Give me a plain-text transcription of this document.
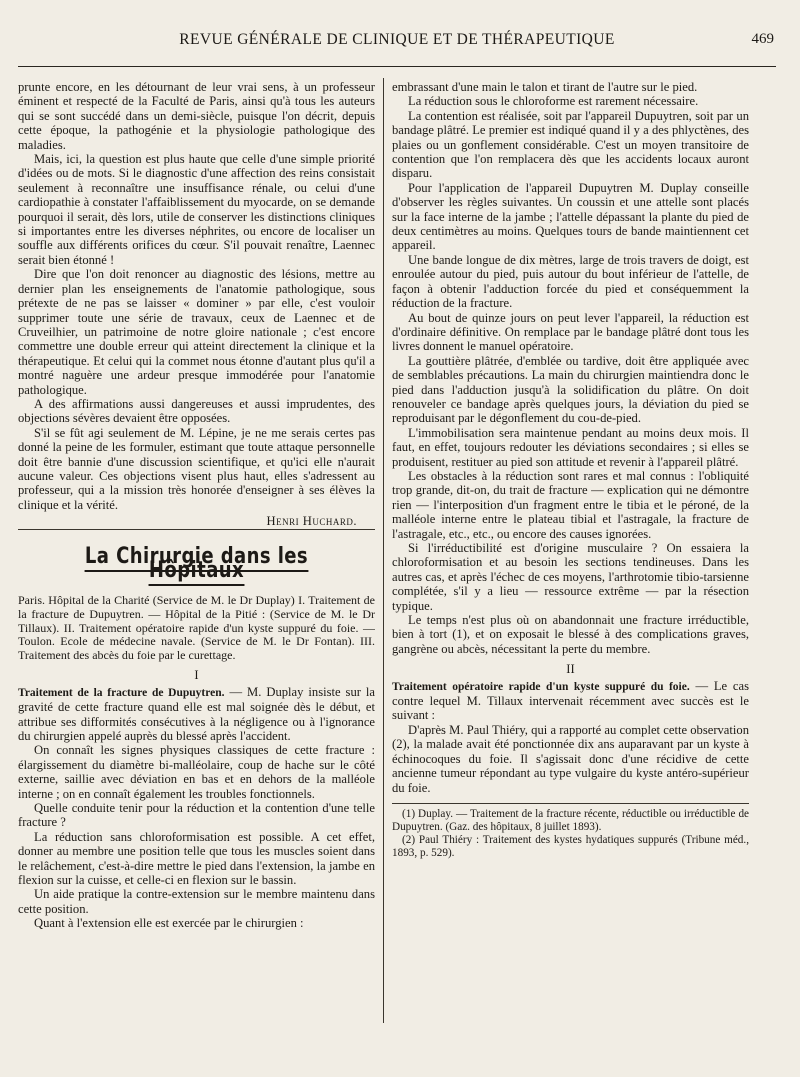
REVUE GÉNÉRALE DE CLINIQUE ET DE THÉRAPEUTIQUE	469

prunte encore, en les détournant de leur vrai sens, à un professeur éminent et respecté de la Faculté de Paris, ainsi qu'à tous les auteurs qui se sont succédé dans un demi-siècle, puisque l'on décrit, depuis cette époque, la pathogénie et la physiologie pathologique des maladies.

Mais, ici, la question est plus haute que celle d'une simple priorité d'idées ou de mots. Si le diagnostic d'une affection des reins consistait seulement à reconnaître une insuffisance rénale, ou celui d'une cardiopathie à constater l'affaiblissement du myocarde, on se demande pourquoi il serait, dès lors, utile de conserver les distinctions cliniques si importantes entre les diverses néphrites, ou encore de localiser un souffle aux différents orifices du cœur. S'il pouvait renaître, Laennec serait bien étonné !

Dire que l'on doit renoncer au diagnostic des lésions, mettre au dernier plan les enseignements de l'anatomie pathologique, sous prétexte de ne pas se laisser « dominer » par elle, c'est vouloir supprimer toute une série de travaux, ceux de Laennec et de Cruveilhier, un patrimoine de notre gloire nationale ; c'est encore commettre une double erreur qui atteint directement la clinique et la thérapeutique. Et celui qui la commet nous étonne d'autant plus qu'il a montré naguère une ardeur presque immodérée pour l'anatomie pathologique.

A des affirmations aussi dangereuses et aussi imprudentes, des objections sévères devaient être opposées.

S'il se fût agi seulement de M. Lépine, je ne me serais certes pas donné la peine de les formuler, estimant que toute attaque personnelle doit être bannie d'une discussion scientifique, et qu'ici elle n'aurait aucune valeur. Ces objections visent plus haut, elles s'adressent au professeur, qui a la mission très honorée d'enseigner à ses élèves la clinique et la vérité.

Henri Huchard.
La Chirurgie dans les Hôpitaux

Paris. Hôpital de la Charité (Service de M. le Dr Duplay) I. Traitement de la fracture de Dupuytren. — Hôpital de la Pitié : (Service de M. le Dr Tillaux). II. Traitement opératoire rapide d'un kyste suppuré du foie. — Toulon. Ecole de médecine navale. (Service de M. le Dr Fontan). III. Traitement des abcès du foie par le curettage.

I

Traitement de la fracture de Dupuytren. — M. Duplay insiste sur la gravité de cette fracture quand elle est mal soignée dès le début, et attribue ses difformités consécutives à la négligence ou à l'ignorance du chirurgien appelé auprès du blessé après l'accident.

On connaît les signes physiques classiques de cette fracture : élargissement du diamètre bi-malléolaire, coup de hache sur le côté externe, saillie avec déviation en bas et en dehors de la malléole interne ; on en connaît également les troubles fonctionnels.

Quelle conduite tenir pour la réduction et la contention d'une telle fracture ?

La réduction sans chloroformisation est possible. A cet effet, donner au membre une position telle que tous les muscles soient dans le relâchement, c'est-à-dire mettre le pied dans l'extension, la jambe en flexion sur la cuisse, et celle-ci en flexion sur le bassin.

Un aide pratique la contre-extension sur le membre maintenu dans cette position.

Quant à l'extension elle est exercée par le chirurgien :

embrassant d'une main le talon et tirant de l'autre sur le pied.

La réduction sous le chloroforme est rarement nécessaire.

La contention est réalisée, soit par l'appareil Dupuytren, soit par un bandage plâtré. Le premier est indiqué quand il y a des phlyctènes, des plaies ou un gonflement considérable. C'est un moyen transitoire de contention que l'on remplacera dès que les accidents locaux auront disparu.

Pour l'application de l'appareil Dupuytren M. Duplay conseille d'observer les règles suivantes. Un coussin et une attelle sont placés sur la face interne de la jambe ; l'attelle dépassant la plante du pied de deux centimètres au moins. Quelques tours de bande maintiennent cet appareil.

Une bande longue de dix mètres, large de trois travers de doigt, est enroulée autour du pied, puis autour du bout inférieur de l'attelle, de façon à obtenir l'adduction forcée du pied et conséquemment la réduction de la fracture.

Au bout de quinze jours on peut lever l'appareil, la réduction est d'ordinaire définitive. On remplace par le bandage plâtré dont tous les livres donnent le manuel opératoire.

La gouttière plâtrée, d'emblée ou tardive, doit être appliquée avec de semblables précautions. La main du chirurgien maintiendra donc le pied dans l'adduction jusqu'à la solidification du plâtre. On doit renouveler ce bandage après quelques jours, la déviation du pied se reproduisant par le dégonflement du cou-de-pied.

L'immobilisation sera maintenue pendant au moins deux mois. Il faut, en effet, toujours redouter les déviations secondaires ; si elles se produisent, restituer au pied son attitude et revenir à l'appareil plâtré.

Les obstacles à la réduction sont rares et mal connus : l'obliquité trop grande, dit-on, du trait de fracture — explication qui ne démontre rien — l'interposition d'un fragment entre le tibia et le péroné, de la malléole interne entre le plateau tibial et l'astragale, la fracture de l'astragale, etc., etc., ou encore des causes ignorées.

Si l'irréductibilité est d'origine musculaire ? On essaiera la chloroformisation et au besoin les sections tendineuses. Dans les autres cas, et après l'échec de ces moyens, l'arthrotomie tibio-tarsienne complétée, s'il y a lieu — ressource extrême — par la résection typique.

Le temps n'est plus où on abandonnait une fracture irréductible, bien à tort (1), et on exposait le blessé à des complications graves, gangrène ou abcès, nécessitant la perte du membre.

II

Traitement opératoire rapide d'un kyste suppuré du foie. — Le cas contre lequel M. Tillaux intervenait récemment avec succès est le suivant :

D'après M. Paul Thiéry, qui a rapporté au complet cette observation (2), la malade avait été ponctionnée dix ans auparavant par un kyste à échinocoques du foie. Il s'agissait donc d'une récidive de cette ancienne tumeur répondant au type vulgaire du kyste antéro-supérieur du foie.

(1) Duplay. — Traitement de la fracture récente, réductible ou irréductible de Dupuytren. (Gaz. des hôpitaux, 8 juillet 1893).

(2) Paul Thiéry : Traitement des kystes hydatiques suppurés (Tribune méd., 1893, p. 529).
